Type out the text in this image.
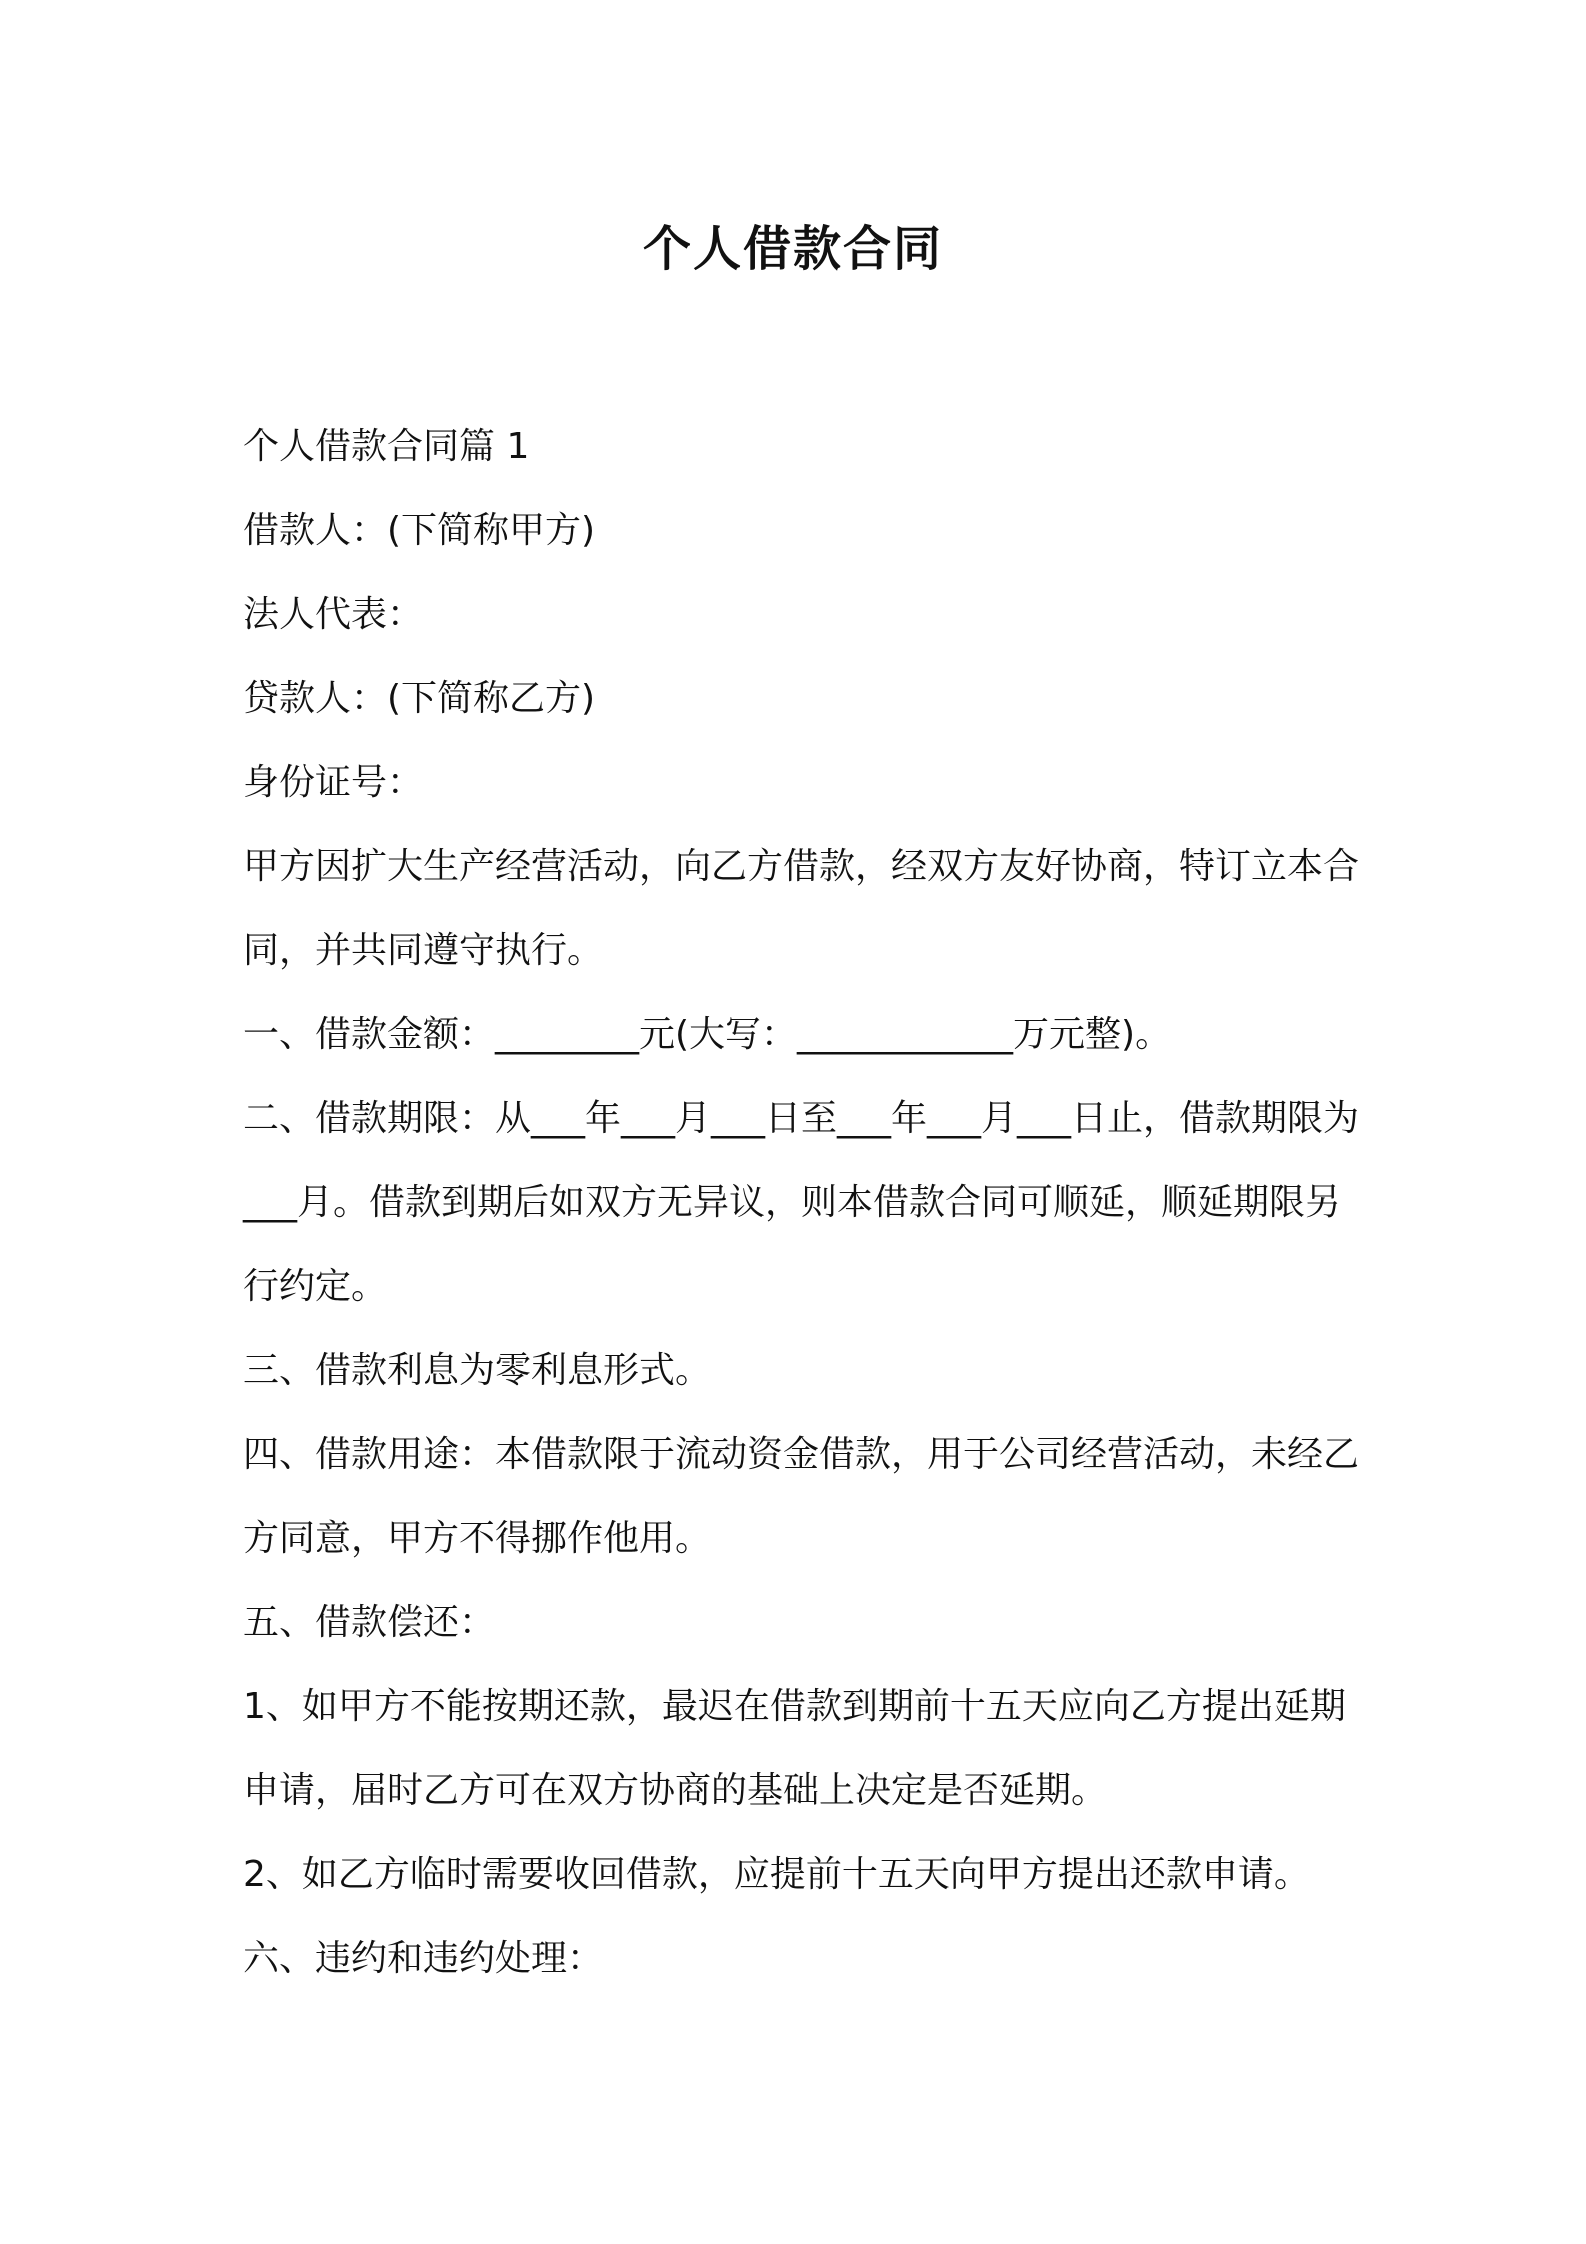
个人借款合同

个人借款合同篇 1

借款人：(下简称甲方)

法人代表：

贷款人：(下简称乙方)

身份证号：

甲方因扩大生产经营活动，向乙方借款，经双方友好协商，特订立本合同，并共同遵守执行。

一、借款金额：________元(大写：____________万元整)。

二、借款期限：从___年___月___日至___年___月___日止，借款期限为___月。借款到期后如双方无异议，则本借款合同可顺延，顺延期限另行约定。

三、借款利息为零利息形式。

四、借款用途：本借款限于流动资金借款，用于公司经营活动，未经乙方同意，甲方不得挪作他用。

五、借款偿还：

1、如甲方不能按期还款，最迟在借款到期前十五天应向乙方提出延期申请，届时乙方可在双方协商的基础上决定是否延期。

2、如乙方临时需要收回借款，应提前十五天向甲方提出还款申请。

六、违约和违约处理：
